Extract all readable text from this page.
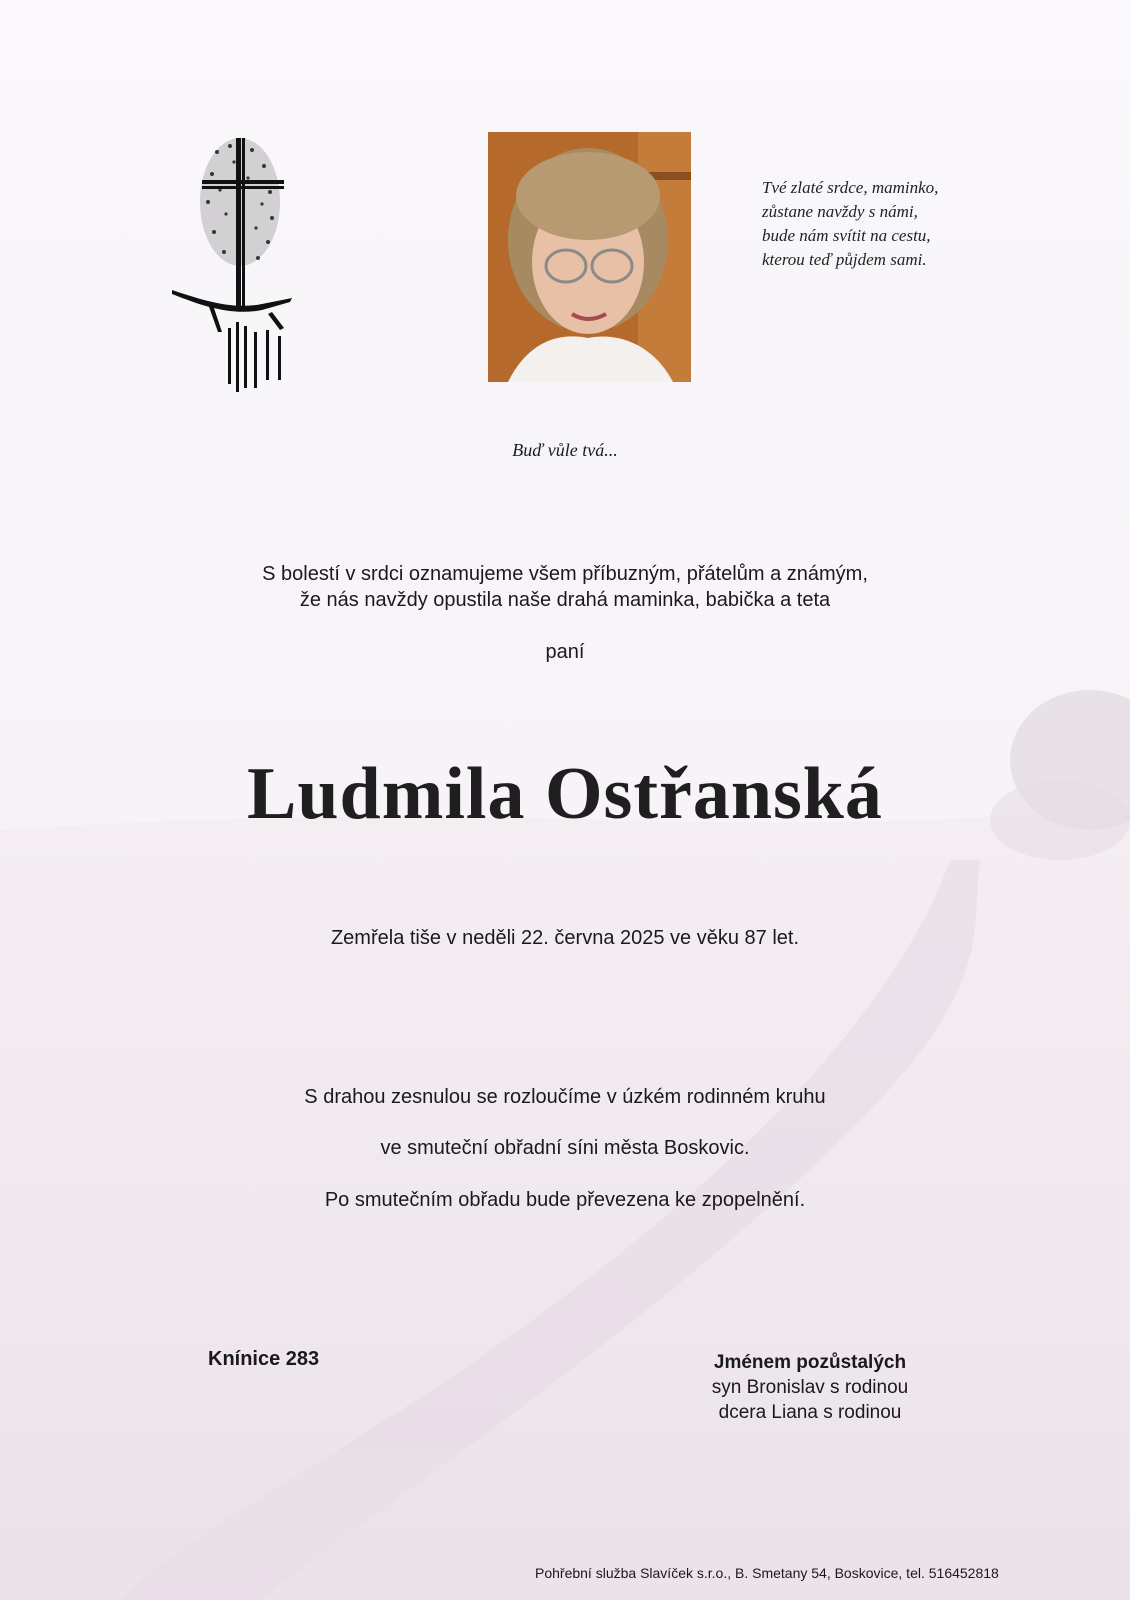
Tvé zlaté srdce, maminko,
zůstane navždy s námi,
bude nám svítit na cestu,
kterou teď půjdem sami.
Buď vůle tvá...
S bolestí v srdci oznamujeme všem příbuzným, přátelům a známým,
že nás navždy opustila naše drahá maminka, babička a teta
paní
Ludmila Ostřanská
Zemřela tiše v neděli 22. června 2025 ve věku 87 let.
S drahou zesnulou se rozloučíme v úzkém rodinném kruhu
ve smuteční obřadní síni města Boskovic.
Po smutečním obřadu bude převezena ke zpopelnění.
Knínice 283	Jménem pozůstalých
syn Bronislav s rodinou
dcera Liana s rodinou
Pohřební služba Slavíček s.r.o., B. Smetany 54, Boskovice, tel. 516452818
